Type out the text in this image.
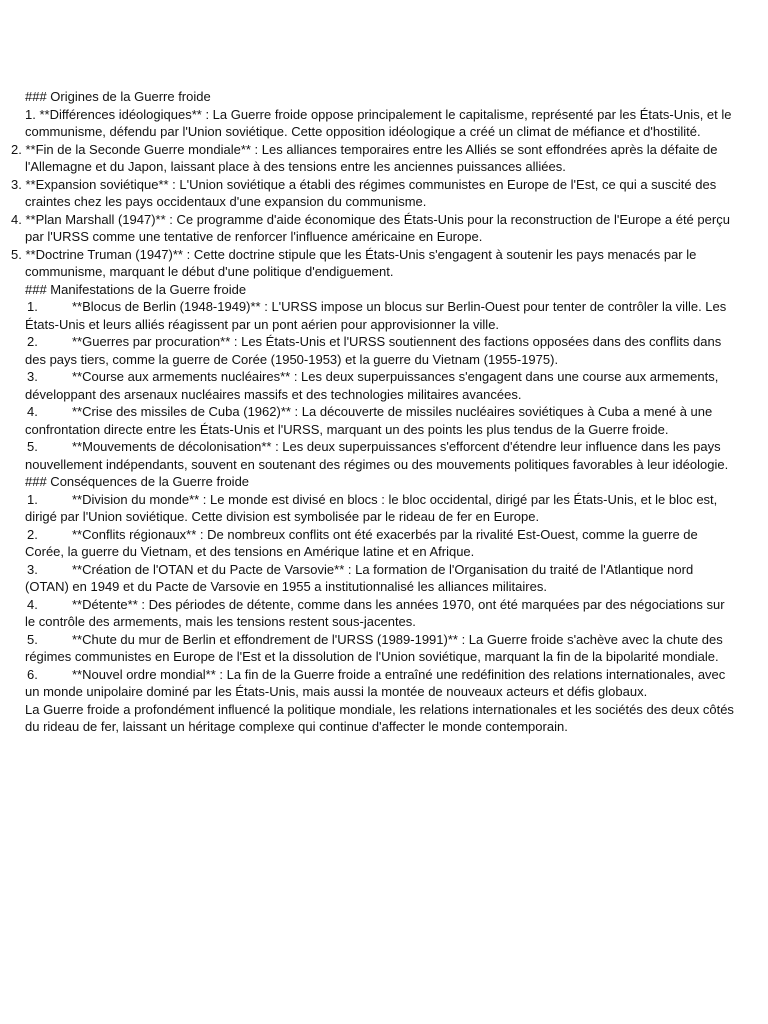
### Origines de la Guerre froide

1. **Différences idéologiques** : La Guerre froide oppose principalement le capitalisme, représenté par les États-Unis, et le communisme, défendu par l'Union soviétique. Cette opposition idéologique a créé un climat de méfiance et d'hostilité.

2. **Fin de la Seconde Guerre mondiale** : Les alliances temporaires entre les Alliés se sont effondrées après la défaite de l'Allemagne et du Japon, laissant place à des tensions entre les anciennes puissances alliées.

3. **Expansion soviétique** : L'Union soviétique a établi des régimes communistes en Europe de l'Est, ce qui a suscité des craintes chez les pays occidentaux d'une expansion du communisme.

4. **Plan Marshall (1947)** : Ce programme d'aide économique des États-Unis pour la reconstruction de l'Europe a été perçu par l'URSS comme une tentative de renforcer l'influence américaine en Europe.

5. **Doctrine Truman (1947)** : Cette doctrine stipule que les États-Unis s'engagent à soutenir les pays menacés par le communisme, marquant le début d'une politique d'endiguement.

### Manifestations de la Guerre froide

1.	**Blocus de Berlin (1948-1949)** : L'URSS impose un blocus sur Berlin-Ouest pour tenter de contrôler la ville. Les États-Unis et leurs alliés réagissent par un pont aérien pour approvisionner la ville.

2.	**Guerres par procuration** : Les États-Unis et l'URSS soutiennent des factions opposées dans des conflits dans des pays tiers, comme la guerre de Corée (1950-1953) et la guerre du Vietnam (1955-1975).

3.	**Course aux armements nucléaires** : Les deux superpuissances s'engagent dans une course aux armements, développant des arsenaux nucléaires massifs et des technologies militaires avancées.

4.	**Crise des missiles de Cuba (1962)** : La découverte de missiles nucléaires soviétiques à Cuba a mené à une confrontation directe entre les États-Unis et l'URSS, marquant un des points les plus tendus de la Guerre froide.

5.	**Mouvements de décolonisation** : Les deux superpuissances s'efforcent d'étendre leur influence dans les pays nouvellement indépendants, souvent en soutenant des régimes ou des mouvements politiques favorables à leur idéologie.

### Conséquences de la Guerre froide

1.	**Division du monde** : Le monde est divisé en blocs : le bloc occidental, dirigé par les États-Unis, et le bloc est, dirigé par l'Union soviétique. Cette division est symbolisée par le rideau de fer en Europe.

2.	**Conflits régionaux** : De nombreux conflits ont été exacerbés par la rivalité Est-Ouest, comme la guerre de Corée, la guerre du Vietnam, et des tensions en Amérique latine et en Afrique.

3.	**Création de l'OTAN et du Pacte de Varsovie** : La formation de l'Organisation du traité de l'Atlantique nord (OTAN) en 1949 et du Pacte de Varsovie en 1955 a institutionnalisé les alliances militaires.

4.	**Détente** : Des périodes de détente, comme dans les années 1970, ont été marquées par des négociations sur le contrôle des armements, mais les tensions restent sous-jacentes.

5.	**Chute du mur de Berlin et effondrement de l'URSS (1989-1991)** : La Guerre froide s'achève avec la chute des régimes communistes en Europe de l'Est et la dissolution de l'Union soviétique, marquant la fin de la bipolarité mondiale.

6.	**Nouvel ordre mondial** : La fin de la Guerre froide a entraîné une redéfinition des relations internationales, avec un monde unipolaire dominé par les États-Unis, mais aussi la montée de nouveaux acteurs et défis globaux.

La Guerre froide a profondément influencé la politique mondiale, les relations internationales et les sociétés des deux côtés du rideau de fer, laissant un héritage complexe qui continue d'affecter le monde contemporain.
